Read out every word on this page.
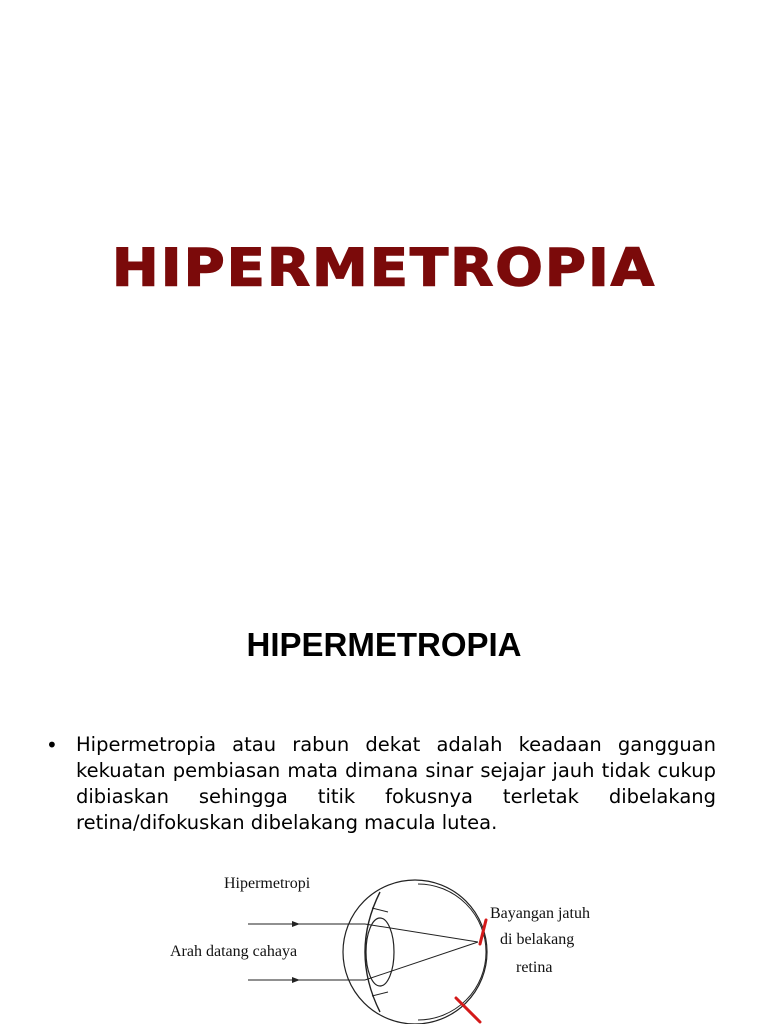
HIPERMETROPIA
HIPERMETROPIA
• Hipermetropia atau rabun dekat adalah keadaan gangguan kekuatan pembiasan mata dimana sinar sejajar jauh tidak cukup dibiaskan sehingga titik fokusnya terletak dibelakang retina/difokuskan dibelakang macula lutea.
Hipermetropi
Arah datang cahaya
Bayangan jatuh
di belakang
retina
